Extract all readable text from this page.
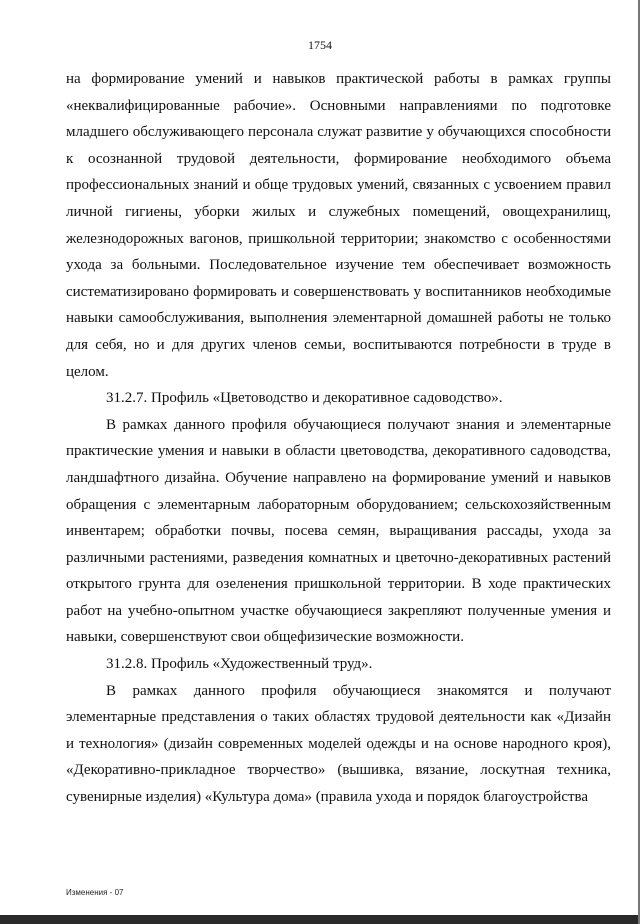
1754

на формирование умений и навыков практической работы в рамках группы «неквалифицированные рабочие». Основными направлениями по подготовке младшего обслуживающего персонала служат развитие у обучающихся способности к осознанной трудовой деятельности, формирование необходимого объема профессиональных знаний и обще трудовых умений, связанных с усвоением правил личной гигиены, уборки жилых и служебных помещений, овощехранилищ, железнодорожных вагонов, пришкольной территории; знакомство с особенностями ухода за больными. Последовательное изучение тем обеспечивает возможность систематизировано формировать и совершенствовать у воспитанников необходимые навыки самообслуживания, выполнения элементарной домашней работы не только для себя, но и для других членов семьи, воспитываются потребности в труде в целом.

31.2.7. Профиль «Цветоводство и декоративное садоводство».

В рамках данного профиля обучающиеся получают знания и элементарные практические умения и навыки в области цветоводства, декоративного садоводства, ландшафтного дизайна. Обучение направлено на формирование умений и навыков обращения с элементарным лабораторным оборудованием; сельскохозяйственным инвентарем; обработки почвы, посева семян, выращивания рассады, ухода за различными растениями, разведения комнатных и цветочно-декоративных растений открытого грунта для озеленения пришкольной территории. В ходе практических работ на учебно-опытном участке обучающиеся закрепляют полученные умения и навыки, совершенствуют свои общефизические возможности.

31.2.8. Профиль «Художественный труд».

В рамках данного профиля обучающиеся знакомятся и получают элементарные представления о таких областях трудовой деятельности как «Дизайн и технология» (дизайн современных моделей одежды и на основе народного кроя), «Декоративно-прикладное творчество» (вышивка, вязание, лоскутная техника, сувенирные изделия) «Культура дома» (правила ухода и порядок благоустройства

Изменения - 07
